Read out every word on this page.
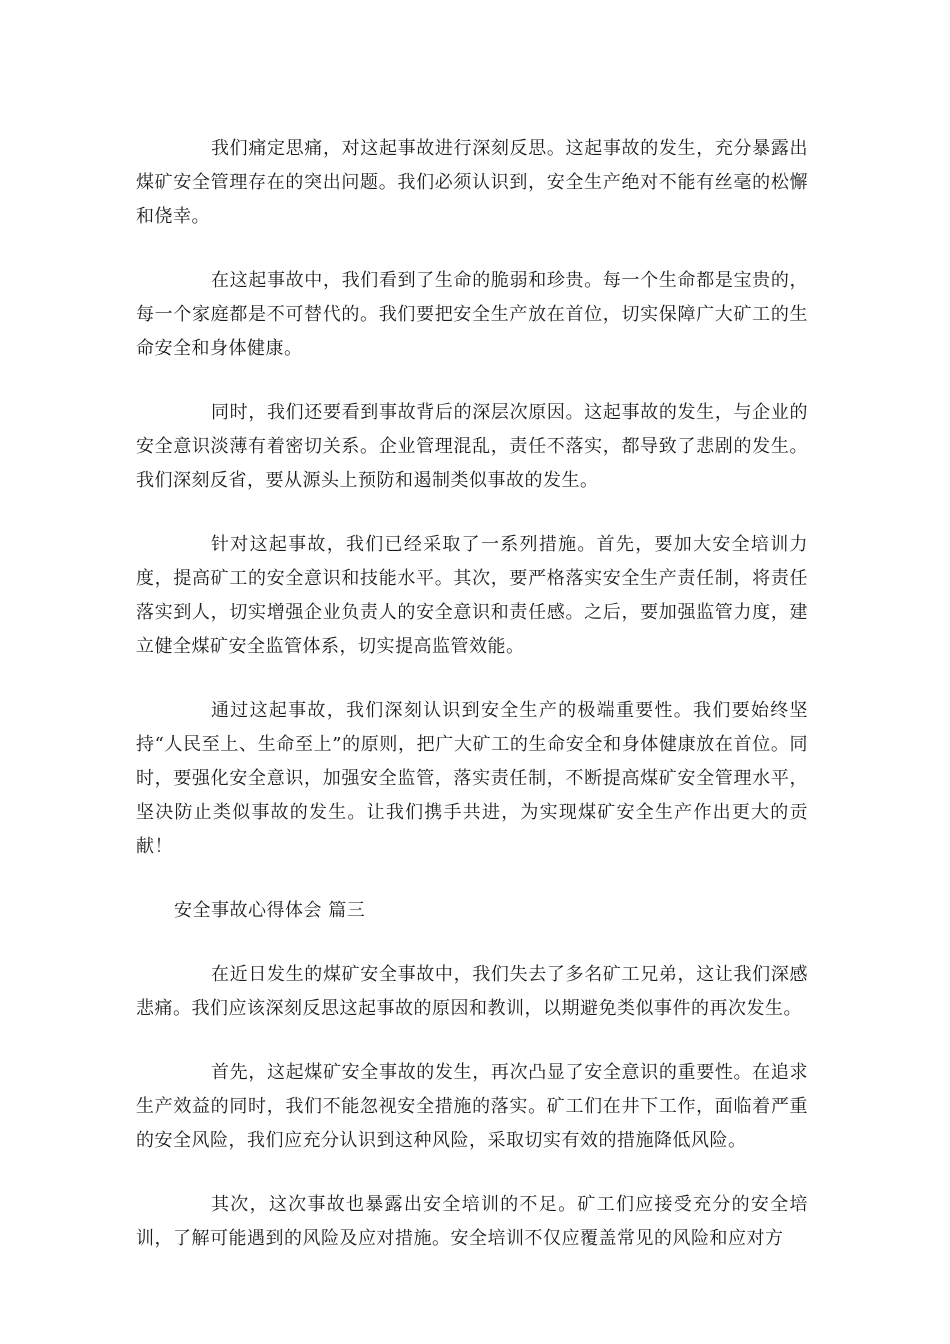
我们痛定思痛，对这起事故进行深刻反思。这起事故的发生，充分暴露出煤矿安全管理存在的突出问题。我们必须认识到，安全生产绝对不能有丝毫的松懈和侥幸。

在这起事故中，我们看到了生命的脆弱和珍贵。每一个生命都是宝贵的，每一个家庭都是不可替代的。我们要把安全生产放在首位，切实保障广大矿工的生命安全和身体健康。

同时，我们还要看到事故背后的深层次原因。这起事故的发生，与企业的安全意识淡薄有着密切关系。企业管理混乱，责任不落实，都导致了悲剧的发生。我们深刻反省，要从源头上预防和遏制类似事故的发生。

针对这起事故，我们已经采取了一系列措施。首先，要加大安全培训力度，提高矿工的安全意识和技能水平。其次，要严格落实安全生产责任制，将责任落实到人，切实增强企业负责人的安全意识和责任感。之后，要加强监管力度，建立健全煤矿安全监管体系，切实提高监管效能。

通过这起事故，我们深刻认识到安全生产的极端重要性。我们要始终坚持“人民至上、生命至上”的原则，把广大矿工的生命安全和身体健康放在首位。同时，要强化安全意识，加强安全监管，落实责任制，不断提高煤矿安全管理水平，坚决防止类似事故的发生。让我们携手共进，为实现煤矿安全生产作出更大的贡献！

安全事故心得体会 篇三

在近日发生的煤矿安全事故中，我们失去了多名矿工兄弟，这让我们深感悲痛。我们应该深刻反思这起事故的原因和教训，以期避免类似事件的再次发生。

首先，这起煤矿安全事故的发生，再次凸显了安全意识的重要性。在追求生产效益的同时，我们不能忽视安全措施的落实。矿工们在井下工作，面临着严重的安全风险，我们应充分认识到这种风险，采取切实有效的措施降低风险。

其次，这次事故也暴露出安全培训的不足。矿工们应接受充分的安全培训，了解可能遇到的风险及应对措施。安全培训不仅应覆盖常见的风险和应对方
